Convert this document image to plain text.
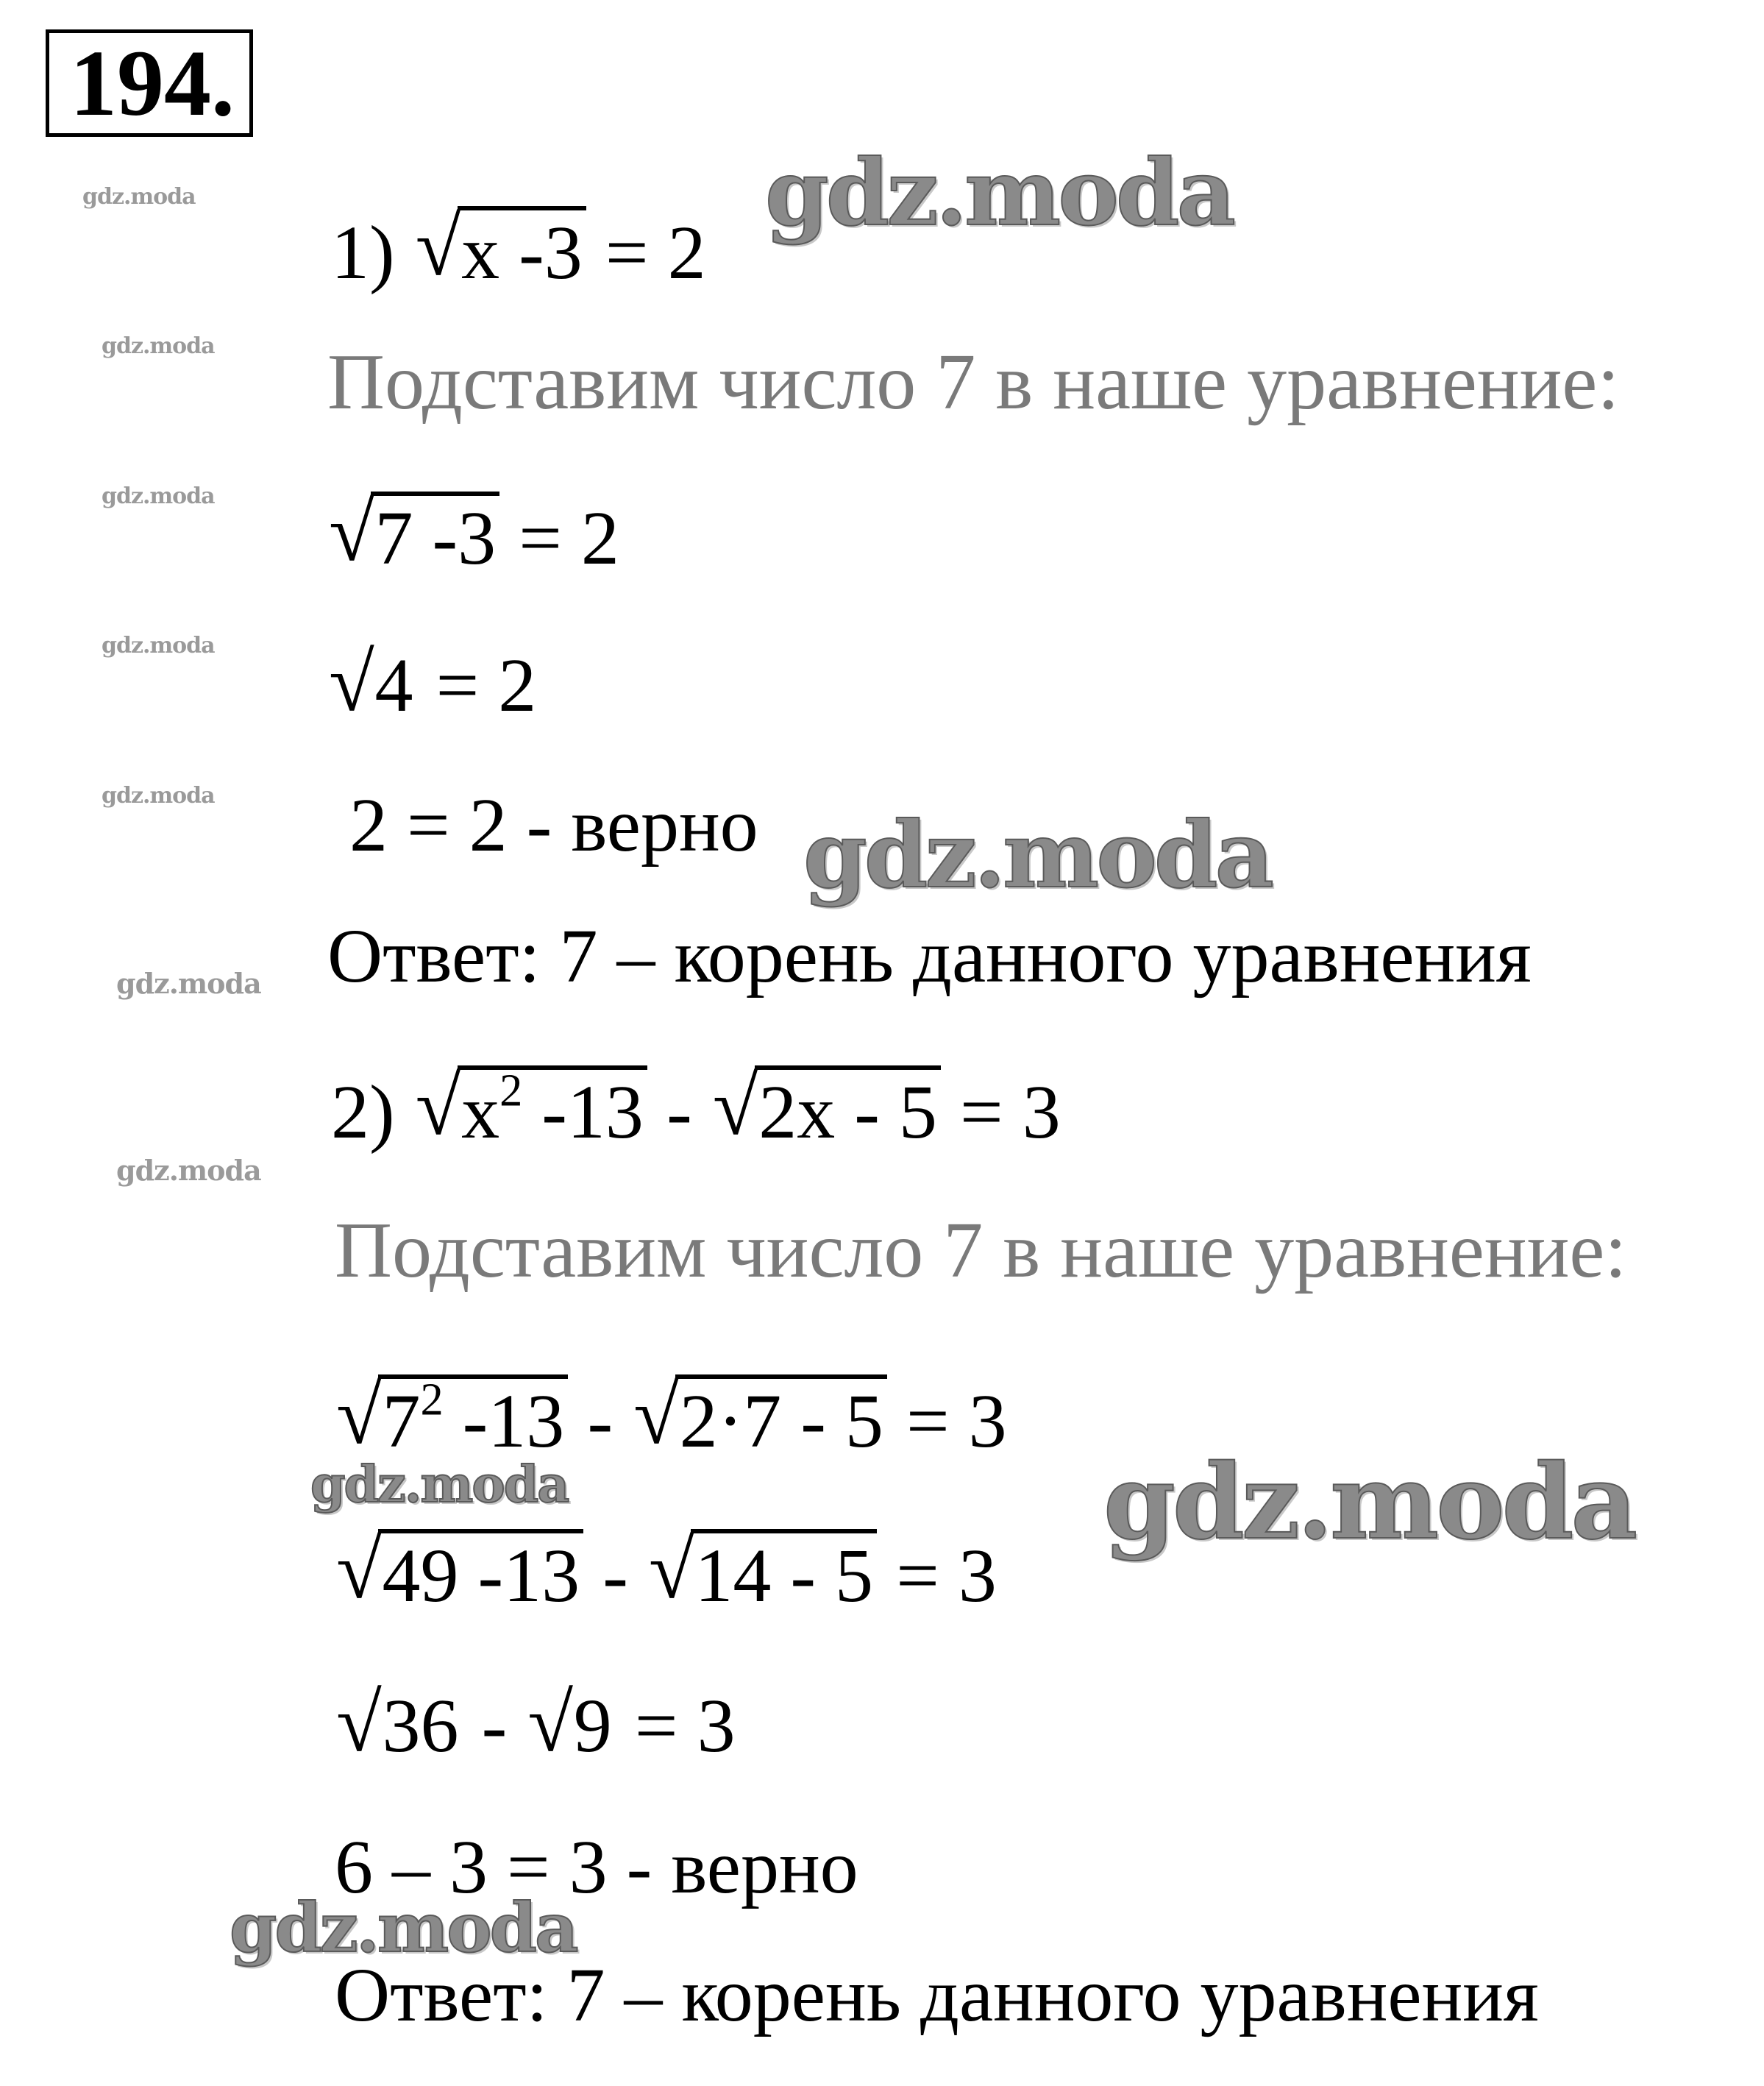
194.
gdz.moda
gdz.moda
gdz.moda
gdz.moda
gdz.moda
gdz.moda
gdz.moda
gdz.moda
gdz.moda
gdz.moda
gdz.moda
gdz.moda
1) √ x -3 = 2
Подставим число 7 в наше уравнение:
√ 7 -3 = 2
√ 4 = 2
2 = 2 - верно
Ответ: 7 – корень данного уравнения
2) √ $x^2$ -13 - √ 2x - 5 = 3
Подставим число 7 в наше уравнение:
√ $7^2$ -13 - √ 2·7 - 5 = 3
√ 49 -13 - √ 14 - 5 = 3
√ 36 - √ 9 = 3
6 – 3 = 3 - верно
Ответ: 7 – корень данного уравнения
